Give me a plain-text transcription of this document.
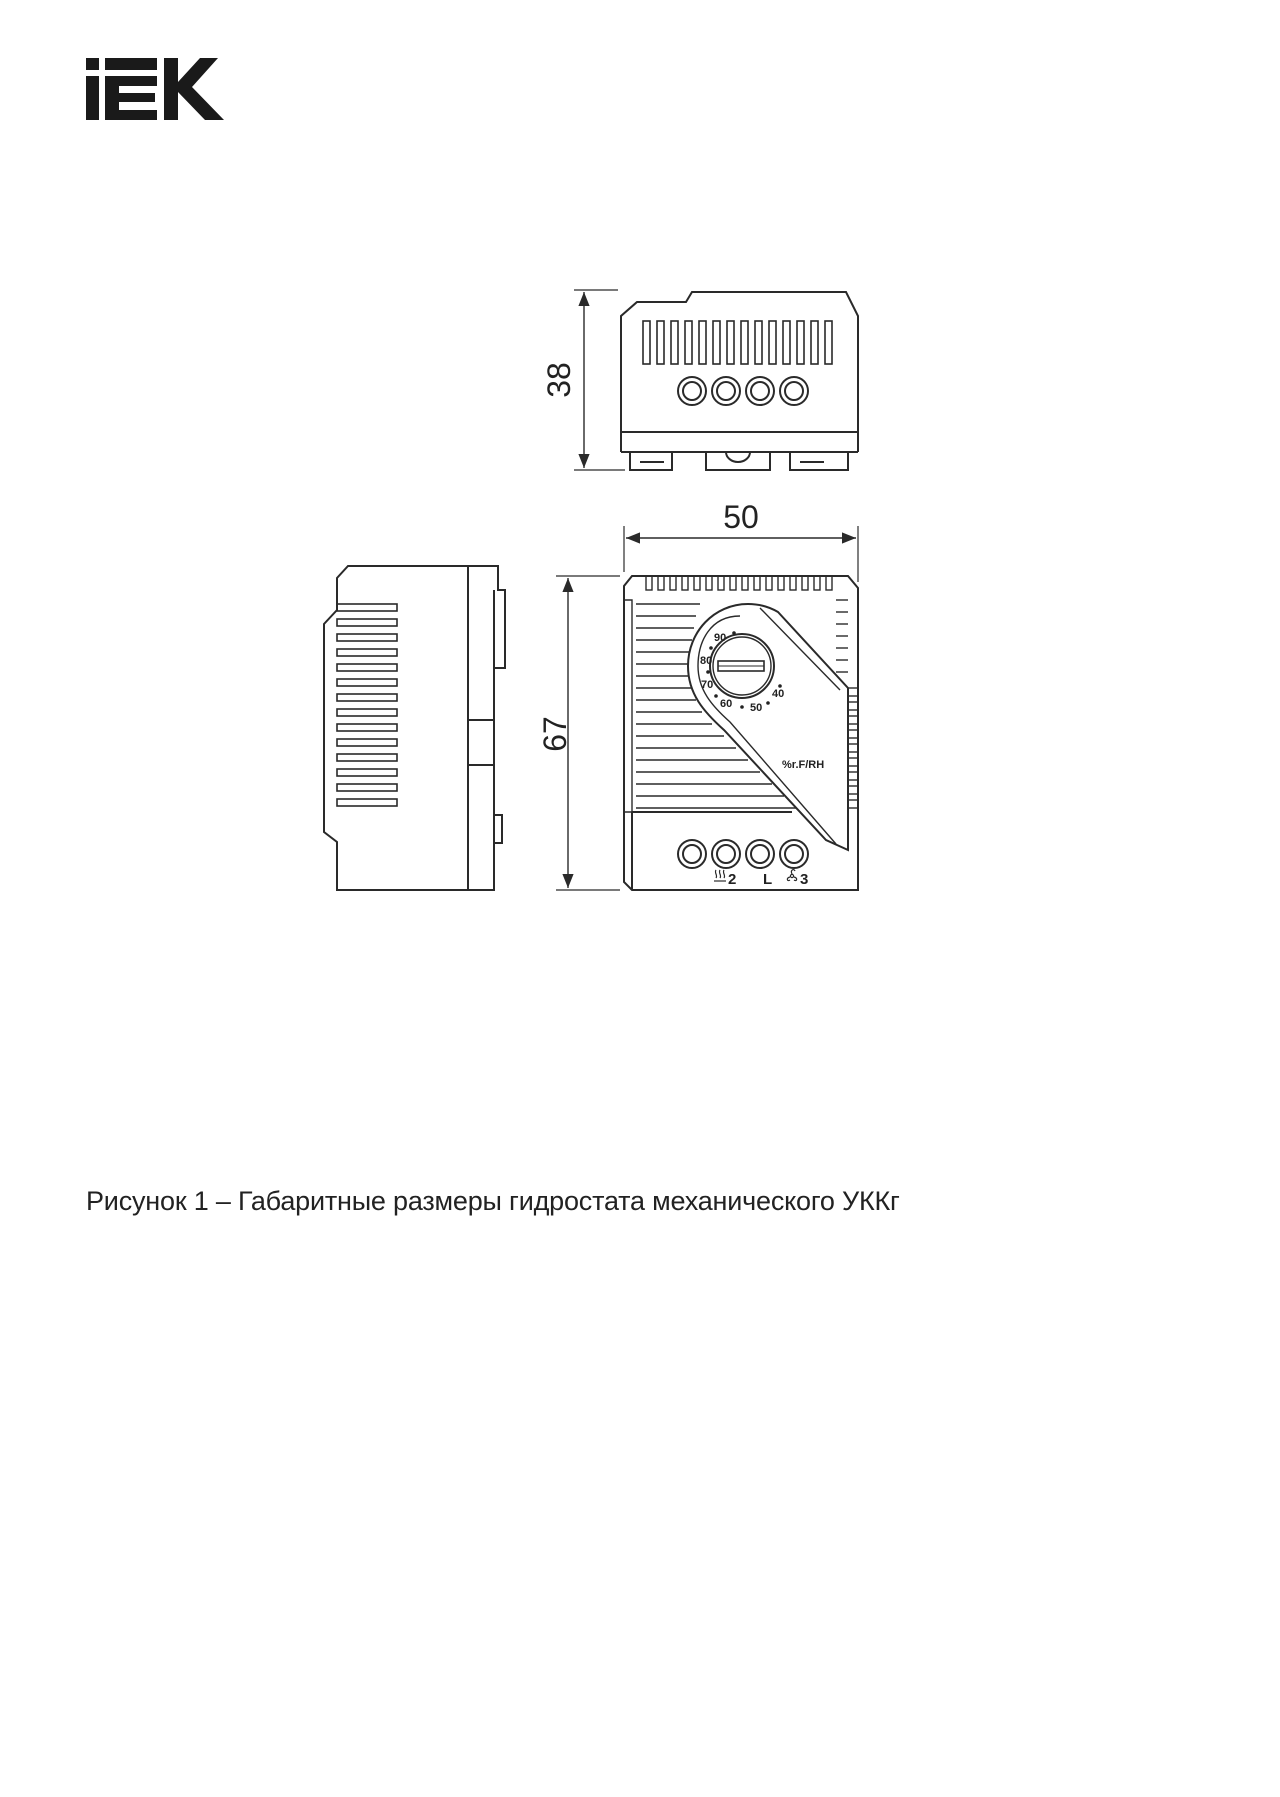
38
90
80
70
60 50
40
%r.F/RH
2 L 3
50
67
Рисунок 1 – Габаритные размеры гидростата механического УККг
